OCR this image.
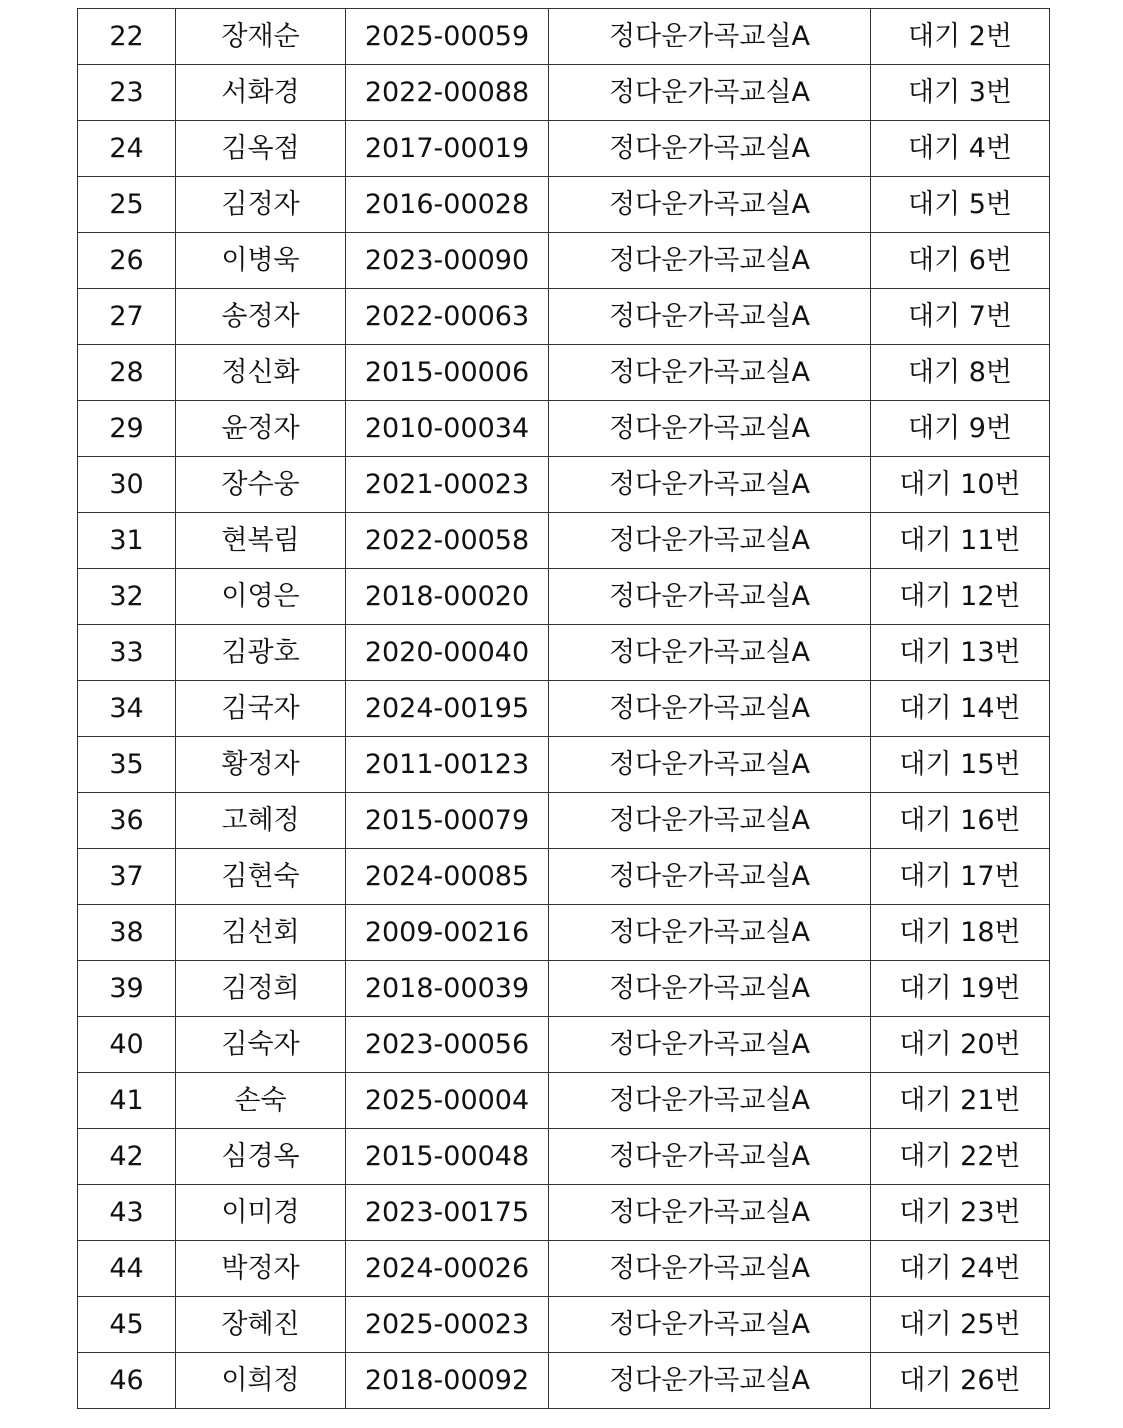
22	장재순	2025-00059	정다운가곡교실A	대기 2번
23	서화경	2022-00088	정다운가곡교실A	대기 3번
24	김옥점	2017-00019	정다운가곡교실A	대기 4번
25	김정자	2016-00028	정다운가곡교실A	대기 5번
26	이병욱	2023-00090	정다운가곡교실A	대기 6번
27	송정자	2022-00063	정다운가곡교실A	대기 7번
28	정신화	2015-00006	정다운가곡교실A	대기 8번
29	윤정자	2010-00034	정다운가곡교실A	대기 9번
30	장수웅	2021-00023	정다운가곡교실A	대기 10번
31	현복림	2022-00058	정다운가곡교실A	대기 11번
32	이영은	2018-00020	정다운가곡교실A	대기 12번
33	김광호	2020-00040	정다운가곡교실A	대기 13번
34	김국자	2024-00195	정다운가곡교실A	대기 14번
35	황정자	2011-00123	정다운가곡교실A	대기 15번
36	고혜정	2015-00079	정다운가곡교실A	대기 16번
37	김현숙	2024-00085	정다운가곡교실A	대기 17번
38	김선회	2009-00216	정다운가곡교실A	대기 18번
39	김정희	2018-00039	정다운가곡교실A	대기 19번
40	김숙자	2023-00056	정다운가곡교실A	대기 20번
41	손숙	2025-00004	정다운가곡교실A	대기 21번
42	심경옥	2015-00048	정다운가곡교실A	대기 22번
43	이미경	2023-00175	정다운가곡교실A	대기 23번
44	박정자	2024-00026	정다운가곡교실A	대기 24번
45	장혜진	2025-00023	정다운가곡교실A	대기 25번
46	이희정	2018-00092	정다운가곡교실A	대기 26번
